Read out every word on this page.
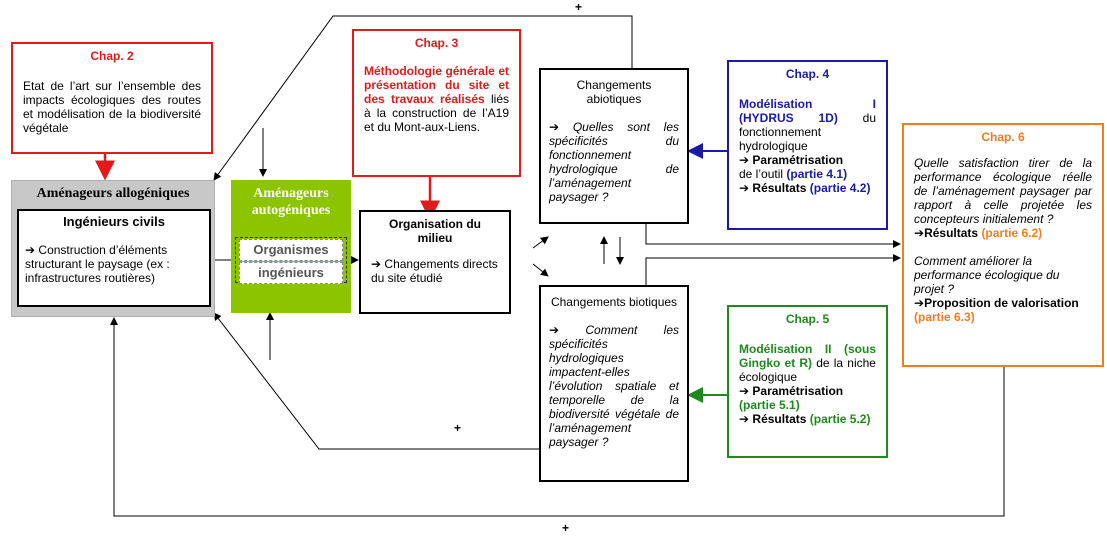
+
+
+
Chap. 2
Etat de l’art sur l’ensemble des impacts écologiques des routes et modélisation de la biodiversité végétale
Chap. 3
Méthodologie générale et présentation du site et des travaux réalisés liés à la construction de l’A19 et du Mont-aux-Liens.
Chap. 4
Modélisation I (HYDRUS 1D) du fonctionnement hydrologique
➔ Paramétrisation
de l’outil (partie 4.1)
➔ Résultats (partie 4.2)
Chap. 5
Modélisation II (sous Gingko et R) de la niche écologique
➔ Paramétrisation
(partie 5.1)
➔ Résultats (partie 5.2)
Chap. 6
Quelle satisfaction tirer de la performance écologique réelle de l’aménagement paysager par rapport à celle projetée les concepteurs initialement ?
➔Résultats (partie 6.2)
Comment améliorer la performance écologique du projet ?
➔Proposition de valorisation (partie 6.3)
Aménageurs allogéniques
Ingénieurs civils
➔ Construction d’éléments structurant le paysage (ex : infrastructures routières)
Aménageurs autogéniques
Organismes
ingénieurs
Organisation du milieu
➔ Changements directs du site étudié
Changements abiotiques
➔ Quelles sont les spécificités du fonctionnement hydrologique de l’aménagement paysager ?
Changements biotiques
➔ Comment les spécificités hydrologiques impactent-elles l’évolution spatiale et temporelle de la biodiversité végétale de l’aménagement paysager ?
